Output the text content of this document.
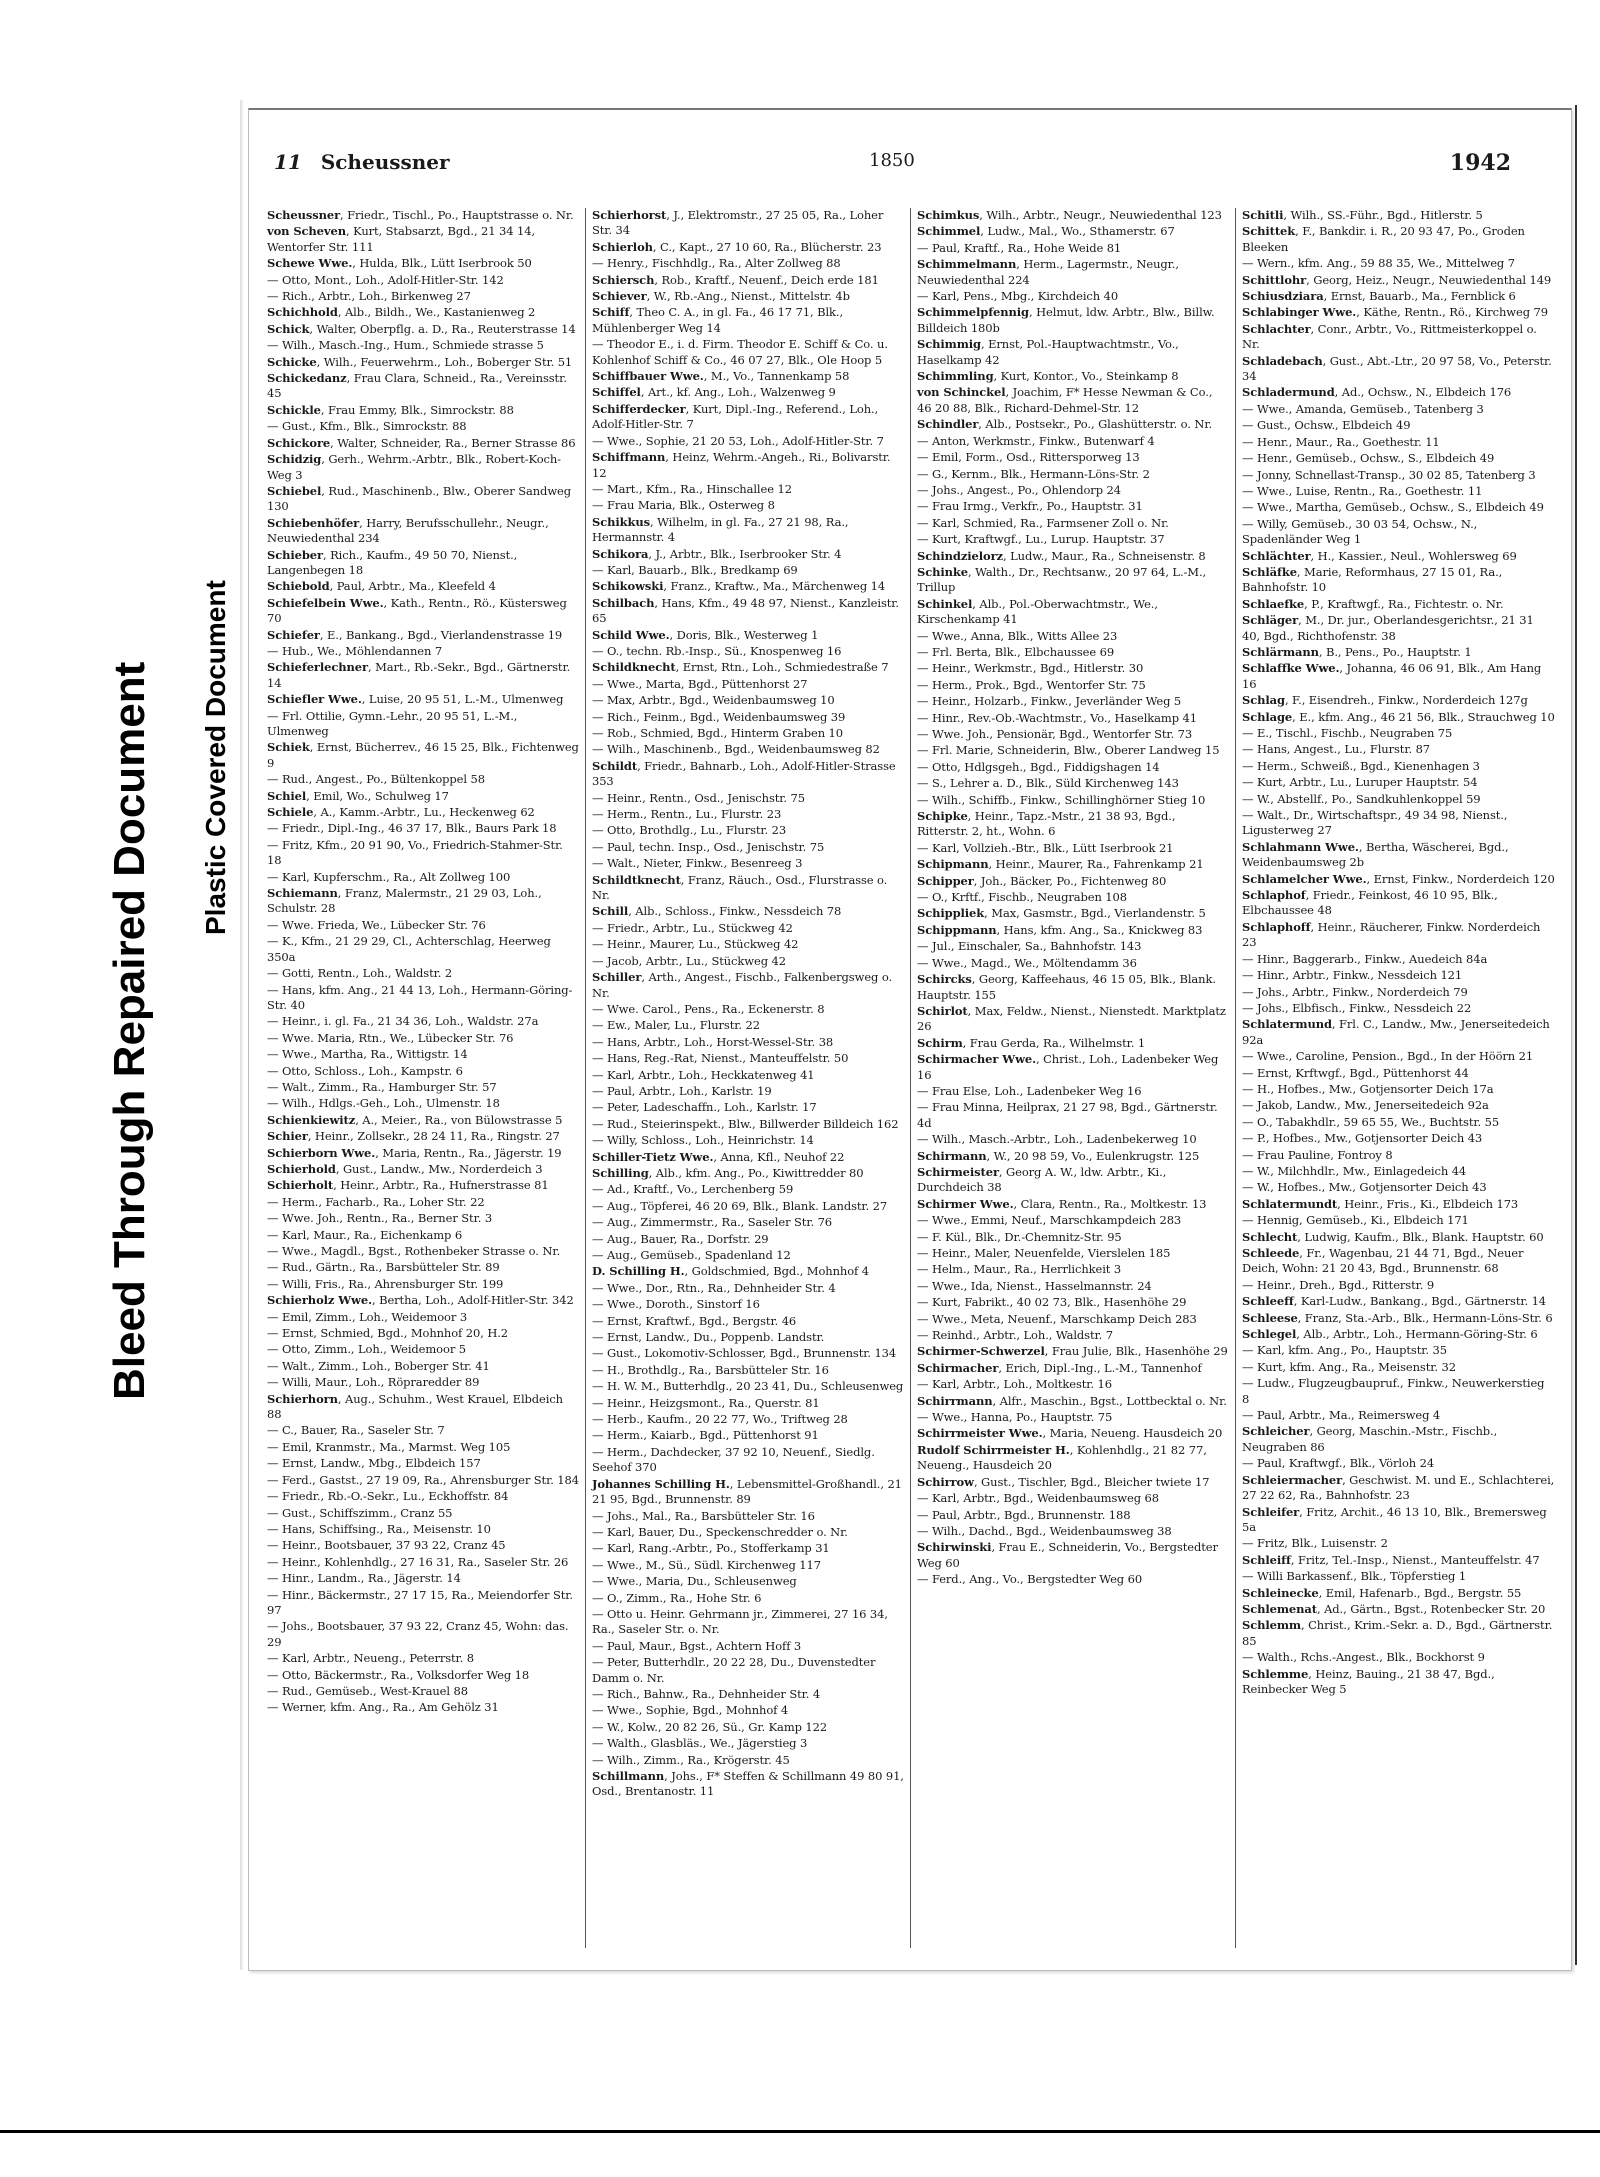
Bleed Through Repaired Document Plastic Covered Document
11 Scheussner	1850	1942
Scheussner, Friedr., Tischl., Po., Hauptstrasse o. Nr.
von Scheven, Kurt, Stabsarzt, Bgd., 21 34 14, Wentorfer Str. 111
Schewe Wwe., Hulda, Blk., Lütt Iserbrook 50
— Otto, Mont., Loh., Adolf-Hitler-Str. 142
— Rich., Arbtr., Loh., Birkenweg 27
Schichhold, Alb., Bildh., We., Kastanienweg 2
Schick, Walter, Oberpflg. a. D., Ra., Reuterstrasse 14
— Wilh., Masch.-Ing., Hum., Schmiede strasse 5
Schicke, Wilh., Feuerwehrm., Loh., Boberger Str. 51
Schickedanz, Frau Clara, Schneid., Ra., Vereinsstr. 45
Schickle, Frau Emmy, Blk., Simrockstr. 88
— Gust., Kfm., Blk., Simrockstr. 88
Schickore, Walter, Schneider, Ra., Berner Strasse 86
Schidzig, Gerh., Wehrm.-Arbtr., Blk., Robert-Koch-Weg 3
Schiebel, Rud., Maschinenb., Blw., Oberer Sandweg 130
Schiebenhöfer, Harry, Berufsschullehr., Neugr., Neuwiedenthal 234
Schieber, Rich., Kaufm., 49 50 70, Nienst., Langenbegen 18
Schiebold, Paul, Arbtr., Ma., Kleefeld 4
Schiefelbein Wwe., Kath., Rentn., Rö., Küstersweg 70
Schiefer, E., Bankang., Bgd., Vierlandenstrasse 19
— Hub., We., Möhlendannen 7
Schieferlechner, Mart., Rb.-Sekr., Bgd., Gärtnerstr. 14
Schiefler Wwe., Luise, 20 95 51, L.-M., Ulmenweg
— Frl. Ottilie, Gymn.-Lehr., 20 95 51, L.-M., Ulmenweg
Schiek, Ernst, Bücherrev., 46 15 25, Blk., Fichtenweg 9
— Rud., Angest., Po., Bültenkoppel 58
Schiel, Emil, Wo., Schulweg 17
Schiele, A., Kamm.-Arbtr., Lu., Heckenweg 62
— Friedr., Dipl.-Ing., 46 37 17, Blk., Baurs Park 18
— Fritz, Kfm., 20 91 90, Vo., Friedrich-Stahmer-Str. 18
— Karl, Kupferschm., Ra., Alt Zollweg 100
Schiemann, Franz, Malermstr., 21 29 03, Loh., Schulstr. 28
— Wwe. Frieda, We., Lübecker Str. 76
— K., Kfm., 21 29 29, Cl., Achterschlag, Heerweg 350a
— Gotti, Rentn., Loh., Waldstr. 2
— Hans, kfm. Ang., 21 44 13, Loh., Hermann-Göring-Str. 40
— Heinr., i. gl. Fa., 21 34 36, Loh., Waldstr. 27a
— Wwe. Maria, Rtn., We., Lübecker Str. 76
— Wwe., Martha, Ra., Wittigstr. 14
— Otto, Schloss., Loh., Kampstr. 6
— Walt., Zimm., Ra., Hamburger Str. 57
— Wilh., Hdlgs.-Geh., Loh., Ulmenstr. 18
Schienkiewitz, A., Meier., Ra., von Bülowstrasse 5
Schier, Heinr., Zollsekr., 28 24 11, Ra., Ringstr. 27
Schierborn Wwe., Maria, Rentn., Ra., Jägerstr. 19
Schierhold, Gust., Landw., Mw., Norderdeich 3
Schierholt, Heinr., Arbtr., Ra., Hufnerstrasse 81
— Herm., Facharb., Ra., Loher Str. 22
— Wwe. Joh., Rentn., Ra., Berner Str. 3
— Karl, Maur., Ra., Eichenkamp 6
— Wwe., Magdl., Bgst., Rothenbeker Strasse o. Nr.
— Rud., Gärtn., Ra., Barsbütteler Str. 89
— Willi, Fris., Ra., Ahrensburger Str. 199
Schierholz Wwe., Bertha, Loh., Adolf-Hitler-Str. 342
— Emil, Zimm., Loh., Weidemoor 3
— Ernst, Schmied, Bgd., Mohnhof 20, H.2
— Otto, Zimm., Loh., Weidemoor 5
— Walt., Zimm., Loh., Boberger Str. 41
— Willi, Maur., Loh., Röpraredder 89
Schierhorn, Aug., Schuhm., West Krauel, Elbdeich 88
— C., Bauer, Ra., Saseler Str. 7
— Emil, Kranmstr., Ma., Marmst. Weg 105
— Ernst, Landw., Mbg., Elbdeich 157
— Ferd., Gastst., 27 19 09, Ra., Ahrensburger Str. 184
— Friedr., Rb.-O.-Sekr., Lu., Eckhoffstr. 84
— Gust., Schiffszimm., Cranz 55
— Hans, Schiffsing., Ra., Meisenstr. 10
— Heinr., Bootsbauer, 37 93 22, Cranz 45
— Heinr., Kohlenhdlg., 27 16 31, Ra., Saseler Str. 26
— Hinr., Landm., Ra., Jägerstr. 14
— Hinr., Bäckermstr., 27 17 15, Ra., Meiendorfer Str. 97
— Johs., Bootsbauer, 37 93 22, Cranz 45, Wohn: das. 29
— Karl, Arbtr., Neueng., Peterrstr. 8
— Otto, Bäckermstr., Ra., Volksdorfer Weg 18
— Rud., Gemüseb., West-Krauel 88
— Werner, kfm. Ang., Ra., Am Gehölz 31
Schierhorst, J., Elektromstr., 27 25 05, Ra., Loher Str. 34
Schierloh, C., Kapt., 27 10 60, Ra., Blücherstr. 23
— Henry., Fischhdlg., Ra., Alter Zollweg 88
Schiersch, Rob., Kraftf., Neuenf., Deich erde 181
Schiever, W., Rb.-Ang., Nienst., Mittelstr. 4b
Schiff, Theo C. A., in gl. Fa., 46 17 71, Blk., Mühlenberger Weg 14
— Theodor E., i. d. Firm. Theodor E. Schiff & Co. u. Kohlenhof Schiff & Co., 46 07 27, Blk., Ole Hoop 5
Schiffbauer Wwe., M., Vo., Tannenkamp 58
Schiffel, Art., kf. Ang., Loh., Walzenweg 9
Schifferdecker, Kurt, Dipl.-Ing., Referend., Loh., Adolf-Hitler-Str. 7
— Wwe., Sophie, 21 20 53, Loh., Adolf-Hitler-Str. 7
Schiffmann, Heinz, Wehrm.-Angeh., Ri., Bolivarstr. 12
— Mart., Kfm., Ra., Hinschallee 12
— Frau Maria, Blk., Osterweg 8
Schikkus, Wilhelm, in gl. Fa., 27 21 98, Ra., Hermannstr. 4
Schikora, J., Arbtr., Blk., Iserbrooker Str. 4
— Karl, Bauarb., Blk., Bredkamp 69
Schikowski, Franz., Kraftw., Ma., Märchenweg 14
Schilbach, Hans, Kfm., 49 48 97, Nienst., Kanzleistr. 65
Schild Wwe., Doris, Blk., Westerweg 1
— O., techn. Rb.-Insp., Sü., Knospenweg 16
Schildknecht, Ernst, Rtn., Loh., Schmiedestraße 7
— Wwe., Marta, Bgd., Püttenhorst 27
— Max, Arbtr., Bgd., Weidenbaumsweg 10
— Rich., Feinm., Bgd., Weidenbaumsweg 39
— Rob., Schmied, Bgd., Hinterm Graben 10
— Wilh., Maschinenb., Bgd., Weidenbaumsweg 82
Schildt, Friedr., Bahnarb., Loh., Adolf-Hitler-Strasse 353
— Heinr., Rentn., Osd., Jenischstr. 75
— Herm., Rentn., Lu., Flurstr. 23
— Otto, Brothdlg., Lu., Flurstr. 23
— Paul, techn. Insp., Osd., Jenischstr. 75
— Walt., Nieter, Finkw., Besenreeg 3
Schildtknecht, Franz, Räuch., Osd., Flurstrasse o. Nr.
Schill, Alb., Schloss., Finkw., Nessdeich 78
— Friedr., Arbtr., Lu., Stückweg 42
— Heinr., Maurer, Lu., Stückweg 42
— Jacob, Arbtr., Lu., Stückweg 42
Schiller, Arth., Angest., Fischb., Falkenbergsweg o. Nr.
— Wwe. Carol., Pens., Ra., Eckenerstr. 8
— Ew., Maler, Lu., Flurstr. 22
— Hans, Arbtr., Loh., Horst-Wessel-Str. 38
— Hans, Reg.-Rat, Nienst., Manteuffelstr. 50
— Karl, Arbtr., Loh., Heckkatenweg 41
— Paul, Arbtr., Loh., Karlstr. 19
— Peter, Ladeschaffn., Loh., Karlstr. 17
— Rud., Steierinspekt., Blw., Billwerder Billdeich 162
— Willy, Schloss., Loh., Heinrichstr. 14
Schiller-Tietz Wwe., Anna, Kfl., Neuhof 22
Schilling, Alb., kfm. Ang., Po., Kiwittredder 80
— Ad., Kraftf., Vo., Lerchenberg 59
— Aug., Töpferei, 46 20 69, Blk., Blank. Landstr. 27
— Aug., Zimmermstr., Ra., Saseler Str. 76
— Aug., Bauer, Ra., Dorfstr. 29
— Aug., Gemüseb., Spadenland 12
D. Schilling H., Goldschmied, Bgd., Mohnhof 4
— Wwe., Dor., Rtn., Ra., Dehnheider Str. 4
— Wwe., Doroth., Sinstorf 16
— Ernst, Kraftwf., Bgd., Bergstr. 46
— Ernst, Landw., Du., Poppenb. Landstr.
— Gust., Lokomotiv-Schlosser, Bgd., Brunnenstr. 134
— H., Brothdlg., Ra., Barsbütteler Str. 16
— H. W. M., Butterhdlg., 20 23 41, Du., Schleusenweg
— Heinr., Heizgsmont., Ra., Querstr. 81
— Herb., Kaufm., 20 22 77, Wo., Triftweg 28
— Herm., Kaiarb., Bgd., Püttenhorst 91
— Herm., Dachdecker, 37 92 10, Neuenf., Siedlg. Seehof 370
Johannes Schilling H., Lebensmittel-Großhandl., 21 21 95, Bgd., Brunnenstr. 89
— Johs., Mal., Ra., Barsbütteler Str. 16
— Karl, Bauer, Du., Speckenschredder o. Nr.
— Karl, Rang.-Arbtr., Po., Stofferkamp 31
— Wwe., M., Sü., Südl. Kirchenweg 117
— Wwe., Maria, Du., Schleusenweg
— O., Zimm., Ra., Hohe Str. 6
— Otto u. Heinr. Gehrmann jr., Zimmerei, 27 16 34, Ra., Saseler Str. o. Nr.
— Paul, Maur., Bgst., Achtern Hoff 3
— Peter, Butterhdlr., 20 22 28, Du., Duvenstedter Damm o. Nr.
— Rich., Bahnw., Ra., Dehnheider Str. 4
— Wwe., Sophie, Bgd., Mohnhof 4
— W., Kolw., 20 82 26, Sü., Gr. Kamp 122
— Walth., Glasbläs., We., Jägerstieg 3
— Wilh., Zimm., Ra., Krögerstr. 45
Schillmann, Johs., F* Steffen & Schillmann 49 80 91, Osd., Brentanostr. 11
Schimkus, Wilh., Arbtr., Neugr., Neuwiedenthal 123
Schimmel, Ludw., Mal., Wo., Sthamerstr. 67
— Paul, Kraftf., Ra., Hohe Weide 81
Schimmelmann, Herm., Lagermstr., Neugr., Neuwiedenthal 224
— Karl, Pens., Mbg., Kirchdeich 40
Schimmelpfennig, Helmut, ldw. Arbtr., Blw., Billw. Billdeich 180b
Schimmig, Ernst, Pol.-Hauptwachtmstr., Vo., Haselkamp 42
Schimmling, Kurt, Kontor., Vo., Steinkamp 8
von Schinckel, Joachim, F* Hesse Newman & Co., 46 20 88, Blk., Richard-Dehmel-Str. 12
Schindler, Alb., Postsekr., Po., Glashütterstr. o. Nr.
— Anton, Werkmstr., Finkw., Butenwarf 4
— Emil, Form., Osd., Rittersporweg 13
— G., Kernm., Blk., Hermann-Löns-Str. 2
— Johs., Angest., Po., Ohlendorp 24
— Frau Irmg., Verkfr., Po., Hauptstr. 31
— Karl, Schmied, Ra., Farmsener Zoll o. Nr.
— Kurt, Kraftwgf., Lu., Lurup. Hauptstr. 37
Schindzielorz, Ludw., Maur., Ra., Schneisenstr. 8
Schinke, Walth., Dr., Rechtsanw., 20 97 64, L.-M., Trillup
Schinkel, Alb., Pol.-Oberwachtmstr., We., Kirschenkamp 41
— Wwe., Anna, Blk., Witts Allee 23
— Frl. Berta, Blk., Elbchaussee 69
— Heinr., Werkmstr., Bgd., Hitlerstr. 30
— Herm., Prok., Bgd., Wentorfer Str. 75
— Heinr., Holzarb., Finkw., Jeverländer Weg 5
— Hinr., Rev.-Ob.-Wachtmstr., Vo., Haselkamp 41
— Wwe. Joh., Pensionär, Bgd., Wentorfer Str. 73
— Frl. Marie, Schneiderin, Blw., Oberer Landweg 15
— Otto, Hdlgsgeh., Bgd., Fiddigshagen 14
— S., Lehrer a. D., Blk., Süld Kirchenweg 143
— Wilh., Schiffb., Finkw., Schillinghörner Stieg 10
Schipke, Heinr., Tapz.-Mstr., 21 38 93, Bgd., Ritterstr. 2, ht., Wohn. 6
— Karl, Vollzieh.-Btr., Blk., Lütt Iserbrook 21
Schipmann, Heinr., Maurer, Ra., Fahrenkamp 21
Schipper, Joh., Bäcker, Po., Fichtenweg 80
— O., Krftf., Fischb., Neugraben 108
Schippliek, Max, Gasmstr., Bgd., Vierlandenstr. 5
Schippmann, Hans, kfm. Ang., Sa., Knickweg 83
— Jul., Einschaler, Sa., Bahnhofstr. 143
— Wwe., Magd., We., Möltendamm 36
Schircks, Georg, Kaffeehaus, 46 15 05, Blk., Blank. Hauptstr. 155
Schirlot, Max, Feldw., Nienst., Nienstedt. Marktplatz 26
Schirm, Frau Gerda, Ra., Wilhelmstr. 1
Schirmacher Wwe., Christ., Loh., Ladenbeker Weg 16
— Frau Else, Loh., Ladenbeker Weg 16
— Frau Minna, Heilprax, 21 27 98, Bgd., Gärtnerstr. 4d
— Wilh., Masch.-Arbtr., Loh., Ladenbekerweg 10
Schirmann, W., 20 98 59, Vo., Eulenkrugstr. 125
Schirmeister, Georg A. W., ldw. Arbtr., Ki., Durchdeich 38
Schirmer Wwe., Clara, Rentn., Ra., Moltkestr. 13
— Wwe., Emmi, Neuf., Marschkampdeich 283
— F. Kül., Blk., Dr.-Chemnitz-Str. 95
— Heinr., Maler, Neuenfelde, Vierslelen 185
— Helm., Maur., Ra., Herrlichkeit 3
— Wwe., Ida, Nienst., Hasselmannstr. 24
— Kurt, Fabrikt., 40 02 73, Blk., Hasenhöhe 29
— Wwe., Meta, Neuenf., Marschkamp Deich 283
— Reinhd., Arbtr., Loh., Waldstr. 7
Schirmer-Schwerzel, Frau Julie, Blk., Hasenhöhe 29
Schirmacher, Erich, Dipl.-Ing., L.-M., Tannenhof
— Karl, Arbtr., Loh., Moltkestr. 16
Schirrmann, Alfr., Maschin., Bgst., Lottbecktal o. Nr.
— Wwe., Hanna, Po., Hauptstr. 75
Schirrmeister Wwe., Maria, Neueng. Hausdeich 20
Rudolf Schirrmeister H., Kohlenhdlg., 21 82 77, Neueng., Hausdeich 20
Schirrow, Gust., Tischler, Bgd., Bleicher twiete 17
— Karl, Arbtr., Bgd., Weidenbaumsweg 68
— Paul, Arbtr., Bgd., Brunnenstr. 188
— Wilh., Dachd., Bgd., Weidenbaumsweg 38
Schirwinski, Frau E., Schneiderin, Vo., Bergstedter Weg 60
— Ferd., Ang., Vo., Bergstedter Weg 60
Schitli, Wilh., SS.-Führ., Bgd., Hitlerstr. 5
Schittek, F., Bankdir. i. R., 20 93 47, Po., Groden Bleeken
— Wern., kfm. Ang., 59 88 35, We., Mittelweg 7
Schittlohr, Georg, Heiz., Neugr., Neuwiedenthal 149
Schiusdziara, Ernst, Bauarb., Ma., Fernblick 6
Schlabinger Wwe., Käthe, Rentn., Rö., Kirchweg 79
Schlachter, Conr., Arbtr., Vo., Rittmeisterkoppel o. Nr.
Schladebach, Gust., Abt.-Ltr., 20 97 58, Vo., Peterstr. 34
Schladermund, Ad., Ochsw., N., Elbdeich 176
— Wwe., Amanda, Gemüseb., Tatenberg 3
— Gust., Ochsw., Elbdeich 49
— Henr., Maur., Ra., Goethestr. 11
— Henr., Gemüseb., Ochsw., S., Elbdeich 49
— Jonny, Schnellast-Transp., 30 02 85, Tatenberg 3
— Wwe., Luise, Rentn., Ra., Goethestr. 11
— Wwe., Martha, Gemüseb., Ochsw., S., Elbdeich 49
— Willy, Gemüseb., 30 03 54, Ochsw., N., Spadenländer Weg 1
Schlächter, H., Kassier., Neul., Wohlersweg 69
Schläfke, Marie, Reformhaus, 27 15 01, Ra., Bahnhofstr. 10
Schlaefke, P., Kraftwgf., Ra., Fichtestr. o. Nr.
Schläger, M., Dr. jur., Oberlandesgerichtsr., 21 31 40, Bgd., Richthofenstr. 38
Schlärmann, B., Pens., Po., Hauptstr. 1
Schlaffke Wwe., Johanna, 46 06 91, Blk., Am Hang 16
Schlag, F., Eisendreh., Finkw., Norderdeich 127g
Schlage, E., kfm. Ang., 46 21 56, Blk., Strauchweg 10
— E., Tischl., Fischb., Neugraben 75
— Hans, Angest., Lu., Flurstr. 87
— Herm., Schweiß., Bgd., Kienenhagen 3
— Kurt, Arbtr., Lu., Luruper Hauptstr. 54
— W., Abstellf., Po., Sandkuhlenkoppel 59
— Walt., Dr., Wirtschaftspr., 49 34 98, Nienst., Ligusterweg 27
Schlahmann Wwe., Bertha, Wäscherei, Bgd., Weidenbaumsweg 2b
Schlamelcher Wwe., Ernst, Finkw., Norderdeich 120
Schlaphof, Friedr., Feinkost, 46 10 95, Blk., Elbchaussee 48
Schlaphoff, Heinr., Räucherer, Finkw. Norderdeich 23
— Hinr., Baggerarb., Finkw., Auedeich 84a
— Hinr., Arbtr., Finkw., Nessdeich 121
— Johs., Arbtr., Finkw., Norderdeich 79
— Johs., Elbfisch., Finkw., Nessdeich 22
Schlatermund, Frl. C., Landw., Mw., Jenerseitedeich 92a
— Wwe., Caroline, Pension., Bgd., In der Höörn 21
— Ernst, Krftwgf., Bgd., Püttenhorst 44
— H., Hofbes., Mw., Gotjensorter Deich 17a
— Jakob, Landw., Mw., Jenerseitedeich 92a
— O., Tabakhdlr., 59 65 55, We., Buchtstr. 55
— P., Hofbes., Mw., Gotjensorter Deich 43
— Frau Pauline, Fontroy 8
— W., Milchhdlr., Mw., Einlagedeich 44
— W., Hofbes., Mw., Gotjensorter Deich 43
Schlatermundt, Heinr., Fris., Ki., Elbdeich 173
— Hennig, Gemüseb., Ki., Elbdeich 171
Schlecht, Ludwig, Kaufm., Blk., Blank. Hauptstr. 60
Schleede, Fr., Wagenbau, 21 44 71, Bgd., Neuer Deich, Wohn: 21 20 43, Bgd., Brunnenstr. 68
— Heinr., Dreh., Bgd., Ritterstr. 9
Schleeff, Karl-Ludw., Bankang., Bgd., Gärtnerstr. 14
Schleese, Franz, Sta.-Arb., Blk., Hermann-Löns-Str. 6
Schlegel, Alb., Arbtr., Loh., Hermann-Göring-Str. 6
— Karl, kfm. Ang., Po., Hauptstr. 35
— Kurt, kfm. Ang., Ra., Meisenstr. 32
— Ludw., Flugzeugbaupruf., Finkw., Neuwerkerstieg 8
— Paul, Arbtr., Ma., Reimersweg 4
Schleicher, Georg, Maschin.-Mstr., Fischb., Neugraben 86
— Paul, Kraftwgf., Blk., Vörloh 24
Schleiermacher, Geschwist. M. und E., Schlachterei, 27 22 62, Ra., Bahnhofstr. 23
Schleifer, Fritz, Archit., 46 13 10, Blk., Bremersweg 5a
— Fritz, Blk., Luisenstr. 2
Schleiff, Fritz, Tel.-Insp., Nienst., Manteuffelstr. 47
— Willi Barkassenf., Blk., Töpferstieg 1
Schleinecke, Emil, Hafenarb., Bgd., Bergstr. 55
Schlemenat, Ad., Gärtn., Bgst., Rotenbecker Str. 20
Schlemm, Christ., Krim.-Sekr. a. D., Bgd., Gärtnerstr. 85
— Walth., Rchs.-Angest., Blk., Bockhorst 9
Schlemme, Heinz, Bauing., 21 38 47, Bgd., Reinbecker Weg 5
